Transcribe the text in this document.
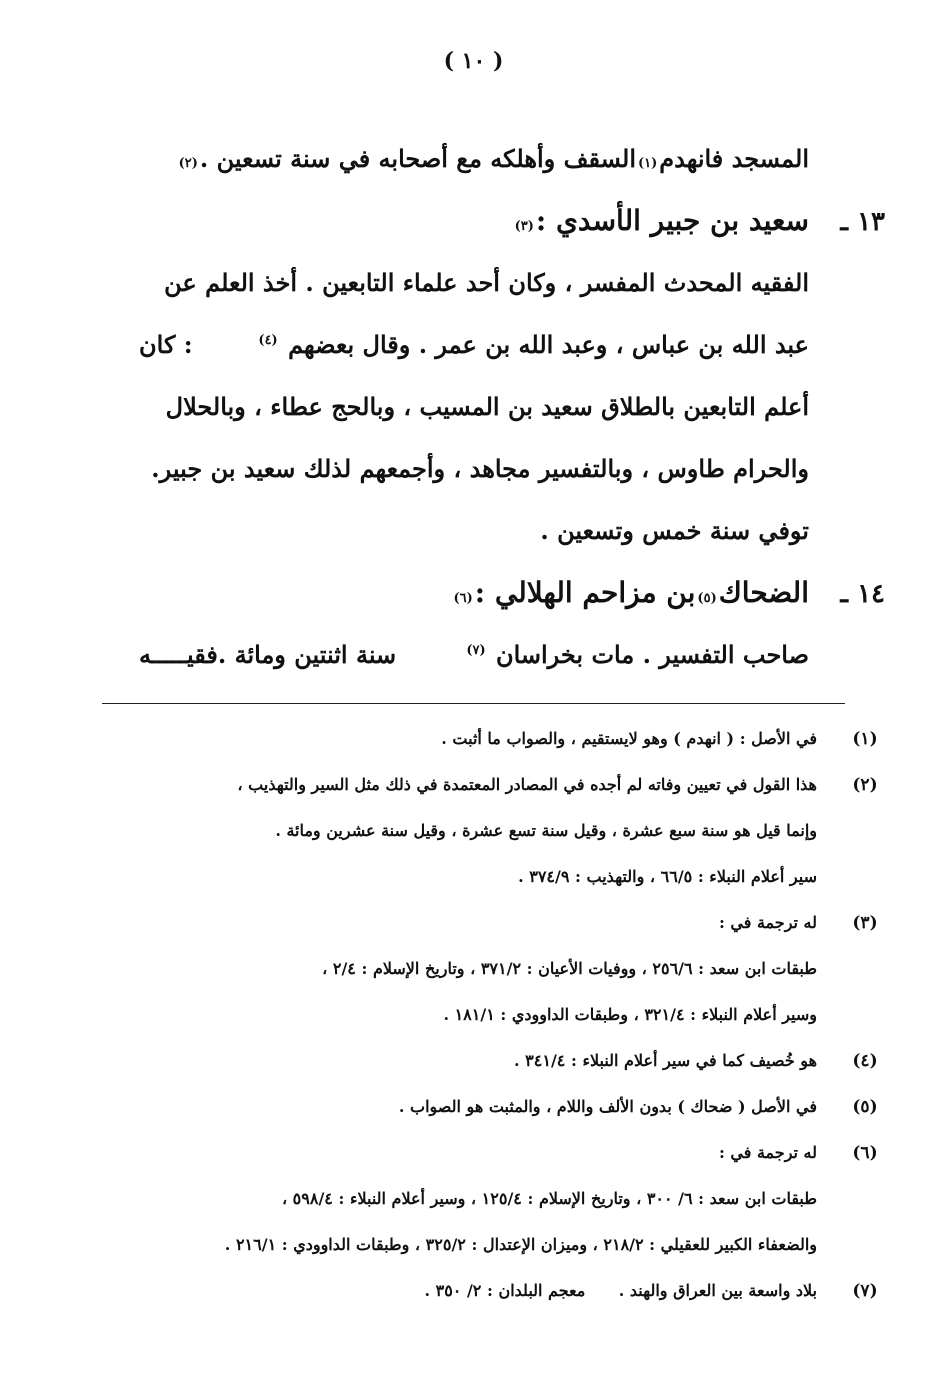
( ١٠ )
المسجد فانهدم
(١)
السقف وأهلكه مع أصحابه في سنة تسعين .
(٢)
١٣ ـ
سعيد بن جبير الأسدي :
(٣)
الفقيه المحدث المفسر ، وكان أحد علماء التابعين . أخذ العلم عن
عبد الله بن عباس ، وعبد الله بن عمر . وقال بعضهم $^{(٤)}$
: كان
أعلم التابعين بالطلاق سعيد بن المسيب ، وبالحج عطاء ، وبالحلال
والحرام طاوس ، وبالتفسير مجاهد ، وأجمعهم لذلك سعيد بن جبير.
توفي سنة خمس وتسعين .
١٤ ـ
الضحاك
(٥)
بن مزاحم الهلالي :
(٦)
صاحب التفسير . مات بخراسان $^{(٧)}$
سنة اثنتين ومائة .فقيـــــه
(١)
في الأصل : ( انهدم ) وهو لايستقيم ، والصواب ما أثبت .
(٢)
هذا القول في تعيين وفاته لم أجده في المصادر المعتمدة في ذلك مثل السير والتهذيب ،
وإنما قيل هو سنة سبع عشرة ، وقيل سنة تسع عشرة ، وقيل سنة عشرين ومائة .
سير أعلام النبلاء : ٦٦/٥ ، والتهذيب : ٣٧٤/٩ .
(٣)
له ترجمة في :
طبقات ابن سعد : ٢٥٦/٦ ، ووفيات الأعيان : ٣٧١/٢ ، وتاريخ الإسلام : ٢/٤ ،
وسير أعلام النبلاء : ٣٢١/٤ ، وطبقات الداوودي : ١٨١/١ .
(٤)
هو خُصيف كما في سير أعلام النبلاء : ٣٤١/٤ .
(٥)
في الأصل ( ضحاك ) بدون الألف واللام ، والمثبت هو الصواب .
(٦)
له ترجمة في :
طبقات ابن سعد : ٦/ ٣٠٠ ، وتاريخ الإسلام : ١٢٥/٤ ، وسير أعلام النبلاء : ٥٩٨/٤ ،
والضعفاء الكبير للعقيلي : ٢١٨/٢ ، وميزان الإعتدال : ٣٢٥/٢ ، وطبقات الداوودي : ٢١٦/١ .
(٧)
بلاد واسعة بين العراق والهند .      معجم البلدان : ٢/ ٣٥٠ .
